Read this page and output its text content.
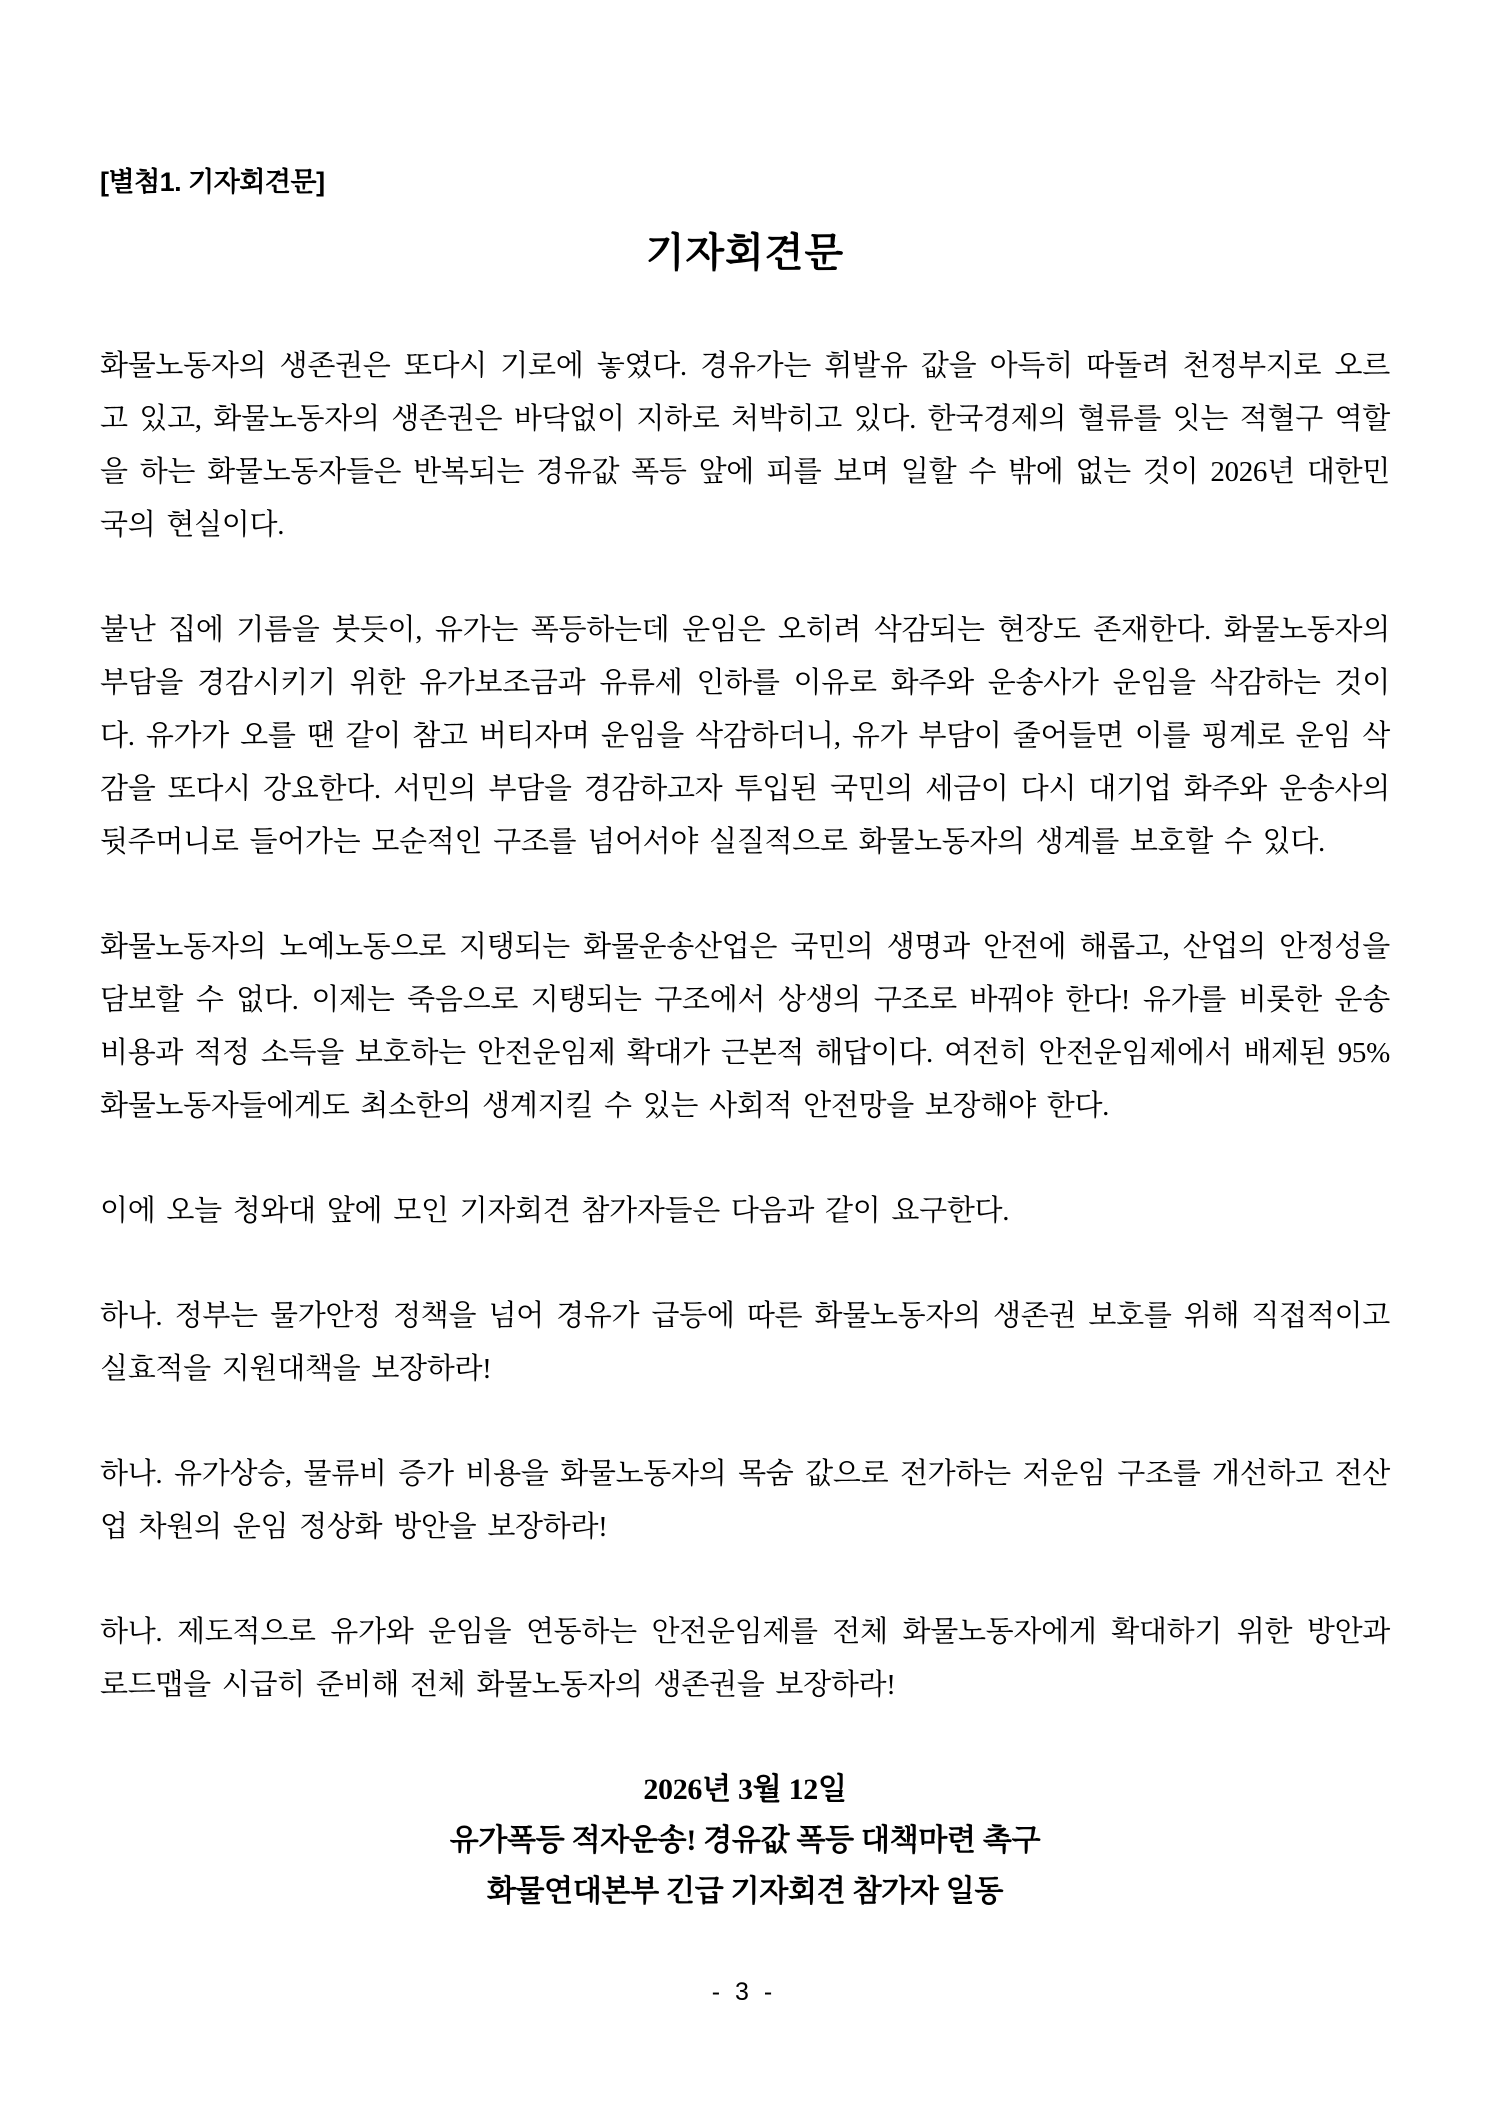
[별첨1. 기자회견문]

기자회견문

화물노동자의 생존권은 또다시 기로에 놓였다. 경유가는 휘발유 값을 아득히 따돌려 천정부지로 오르고 있고, 화물노동자의 생존권은 바닥없이 지하로 처박히고 있다. 한국경제의 혈류를 잇는 적혈구 역할을 하는 화물노동자들은 반복되는 경유값 폭등 앞에 피를 보며 일할 수 밖에 없는 것이 2026년 대한민국의 현실이다.

불난 집에 기름을 붓듯이, 유가는 폭등하는데 운임은 오히려 삭감되는 현장도 존재한다. 화물노동자의 부담을 경감시키기 위한 유가보조금과 유류세 인하를 이유로 화주와 운송사가 운임을 삭감하는 것이다. 유가가 오를 땐 같이 참고 버티자며 운임을 삭감하더니, 유가 부담이 줄어들면 이를 핑계로 운임 삭감을 또다시 강요한다. 서민의 부담을 경감하고자 투입된 국민의 세금이 다시 대기업 화주와 운송사의 뒷주머니로 들어가는 모순적인 구조를 넘어서야 실질적으로 화물노동자의 생계를 보호할 수 있다.

화물노동자의 노예노동으로 지탱되는 화물운송산업은 국민의 생명과 안전에 해롭고, 산업의 안정성을 담보할 수 없다. 이제는 죽음으로 지탱되는 구조에서 상생의 구조로 바꿔야 한다! 유가를 비롯한 운송비용과 적정 소득을 보호하는 안전운임제 확대가 근본적 해답이다. 여전히 안전운임제에서 배제된 95% 화물노동자들에게도 최소한의 생계지킬 수 있는 사회적 안전망을 보장해야 한다.

이에 오늘 청와대 앞에 모인 기자회견 참가자들은 다음과 같이 요구한다.

하나. 정부는 물가안정 정책을 넘어 경유가 급등에 따른 화물노동자의 생존권 보호를 위해 직접적이고 실효적을 지원대책을 보장하라!

하나. 유가상승, 물류비 증가 비용을 화물노동자의 목숨 값으로 전가하는 저운임 구조를 개선하고 전산업 차원의 운임 정상화 방안을 보장하라!

하나. 제도적으로 유가와 운임을 연동하는 안전운임제를 전체 화물노동자에게 확대하기 위한 방안과 로드맵을 시급히 준비해 전체 화물노동자의 생존권을 보장하라!

2026년 3월 12일
유가폭등 적자운송! 경유값 폭등 대책마련 촉구
화물연대본부 긴급 기자회견 참가자 일동
- 3 -
